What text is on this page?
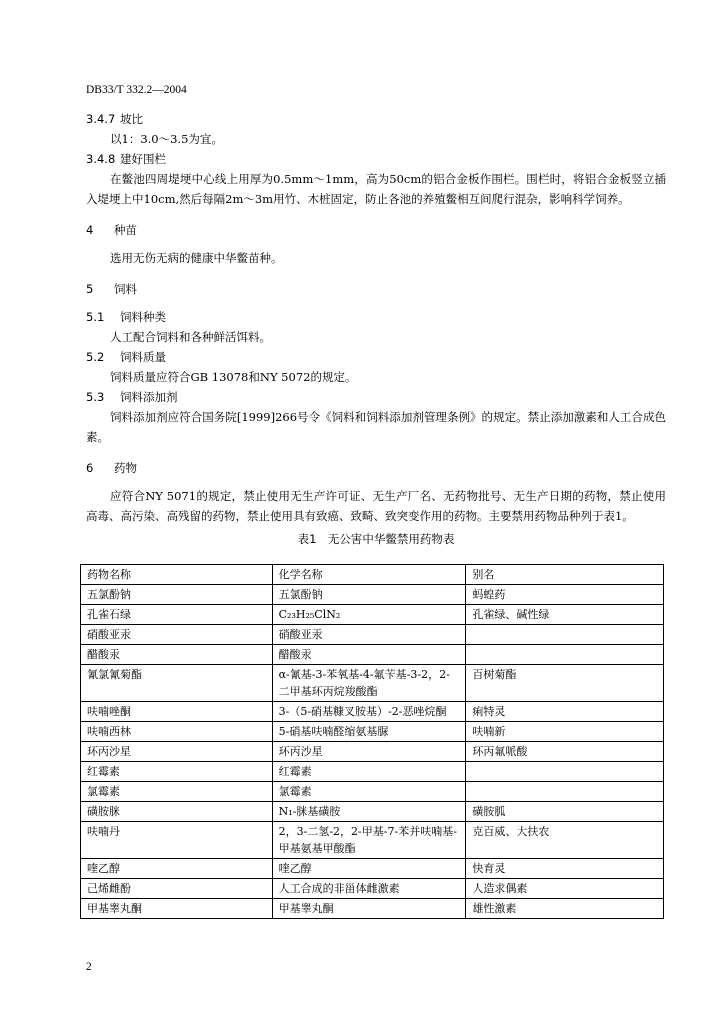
DB33/T 332.2—2004
3.4.7 坡比
以1：3.0～3.5为宜。
3.4.8 建好围栏
在鳖池四周堤埂中心线上用厚为0.5mm～1mm，高为50cm的铝合金板作围栏。围栏时，将铝合金板竖立插入堤埂上中10cm,然后每隔2m～3m用竹、木桩固定，防止各池的养殖鳖相互间爬行混杂，影响科学饲养。
4 种苗
选用无伤无病的健康中华鳖苗种。
5 饲料
5.1 饲料种类
人工配合饲料和各种鲜活饵料。
5.2 饲料质量
饲料质量应符合GB 13078和NY 5072的规定。
5.3 饲料添加剂
饲料添加剂应符合国务院[1999]266号令《饲料和饲料添加剂管理条例》的规定。禁止添加激素和人工合成色素。
6 药物
应符合NY 5071的规定，禁止使用无生产许可证、无生产厂名、无药物批号、无生产日期的药物，禁止使用高毒、高污染、高残留的药物，禁止使用具有致癌、致畸、致突变作用的药物。主要禁用药物品种列于表1。
表1　无公害中华鳖禁用药物表
药物名称	化学名称	别名
五氯酚钠	五氯酚钠	蚂蝗药
孔雀石绿	C₂₃H₂₅ClN₂	孔雀绿、碱性绿
硝酸亚汞	硝酸亚汞	
醋酸汞	醋酸汞	
氰氯氰菊酯	α-氰基-3-苯氧基-4-氟苄基-3-2，2-二甲基环丙烷羧酸酯	百树菊酯
呋喃唑酮	3-（5-硝基糠叉胺基）-2-恶唑烷酮	痢特灵
呋喃西林	5-硝基呋喃醛缩氨基脲	呋喃新
环丙沙星	环丙沙星	环丙氟哌酸
红霉素	红霉素	
氯霉素	氯霉素	
磺胺脒	N₁-脒基磺胺	磺胺胍
呋喃丹	2，3-二氢-2，2-甲基-7-苯并呋喃基-甲基氨基甲酸酯	克百威、大扶农
喹乙醇	喹乙醇	快育灵
己烯雌酚	人工合成的非甾体雌激素	人造求偶素
甲基睾丸酮	甲基睾丸酮	雄性激素
2
